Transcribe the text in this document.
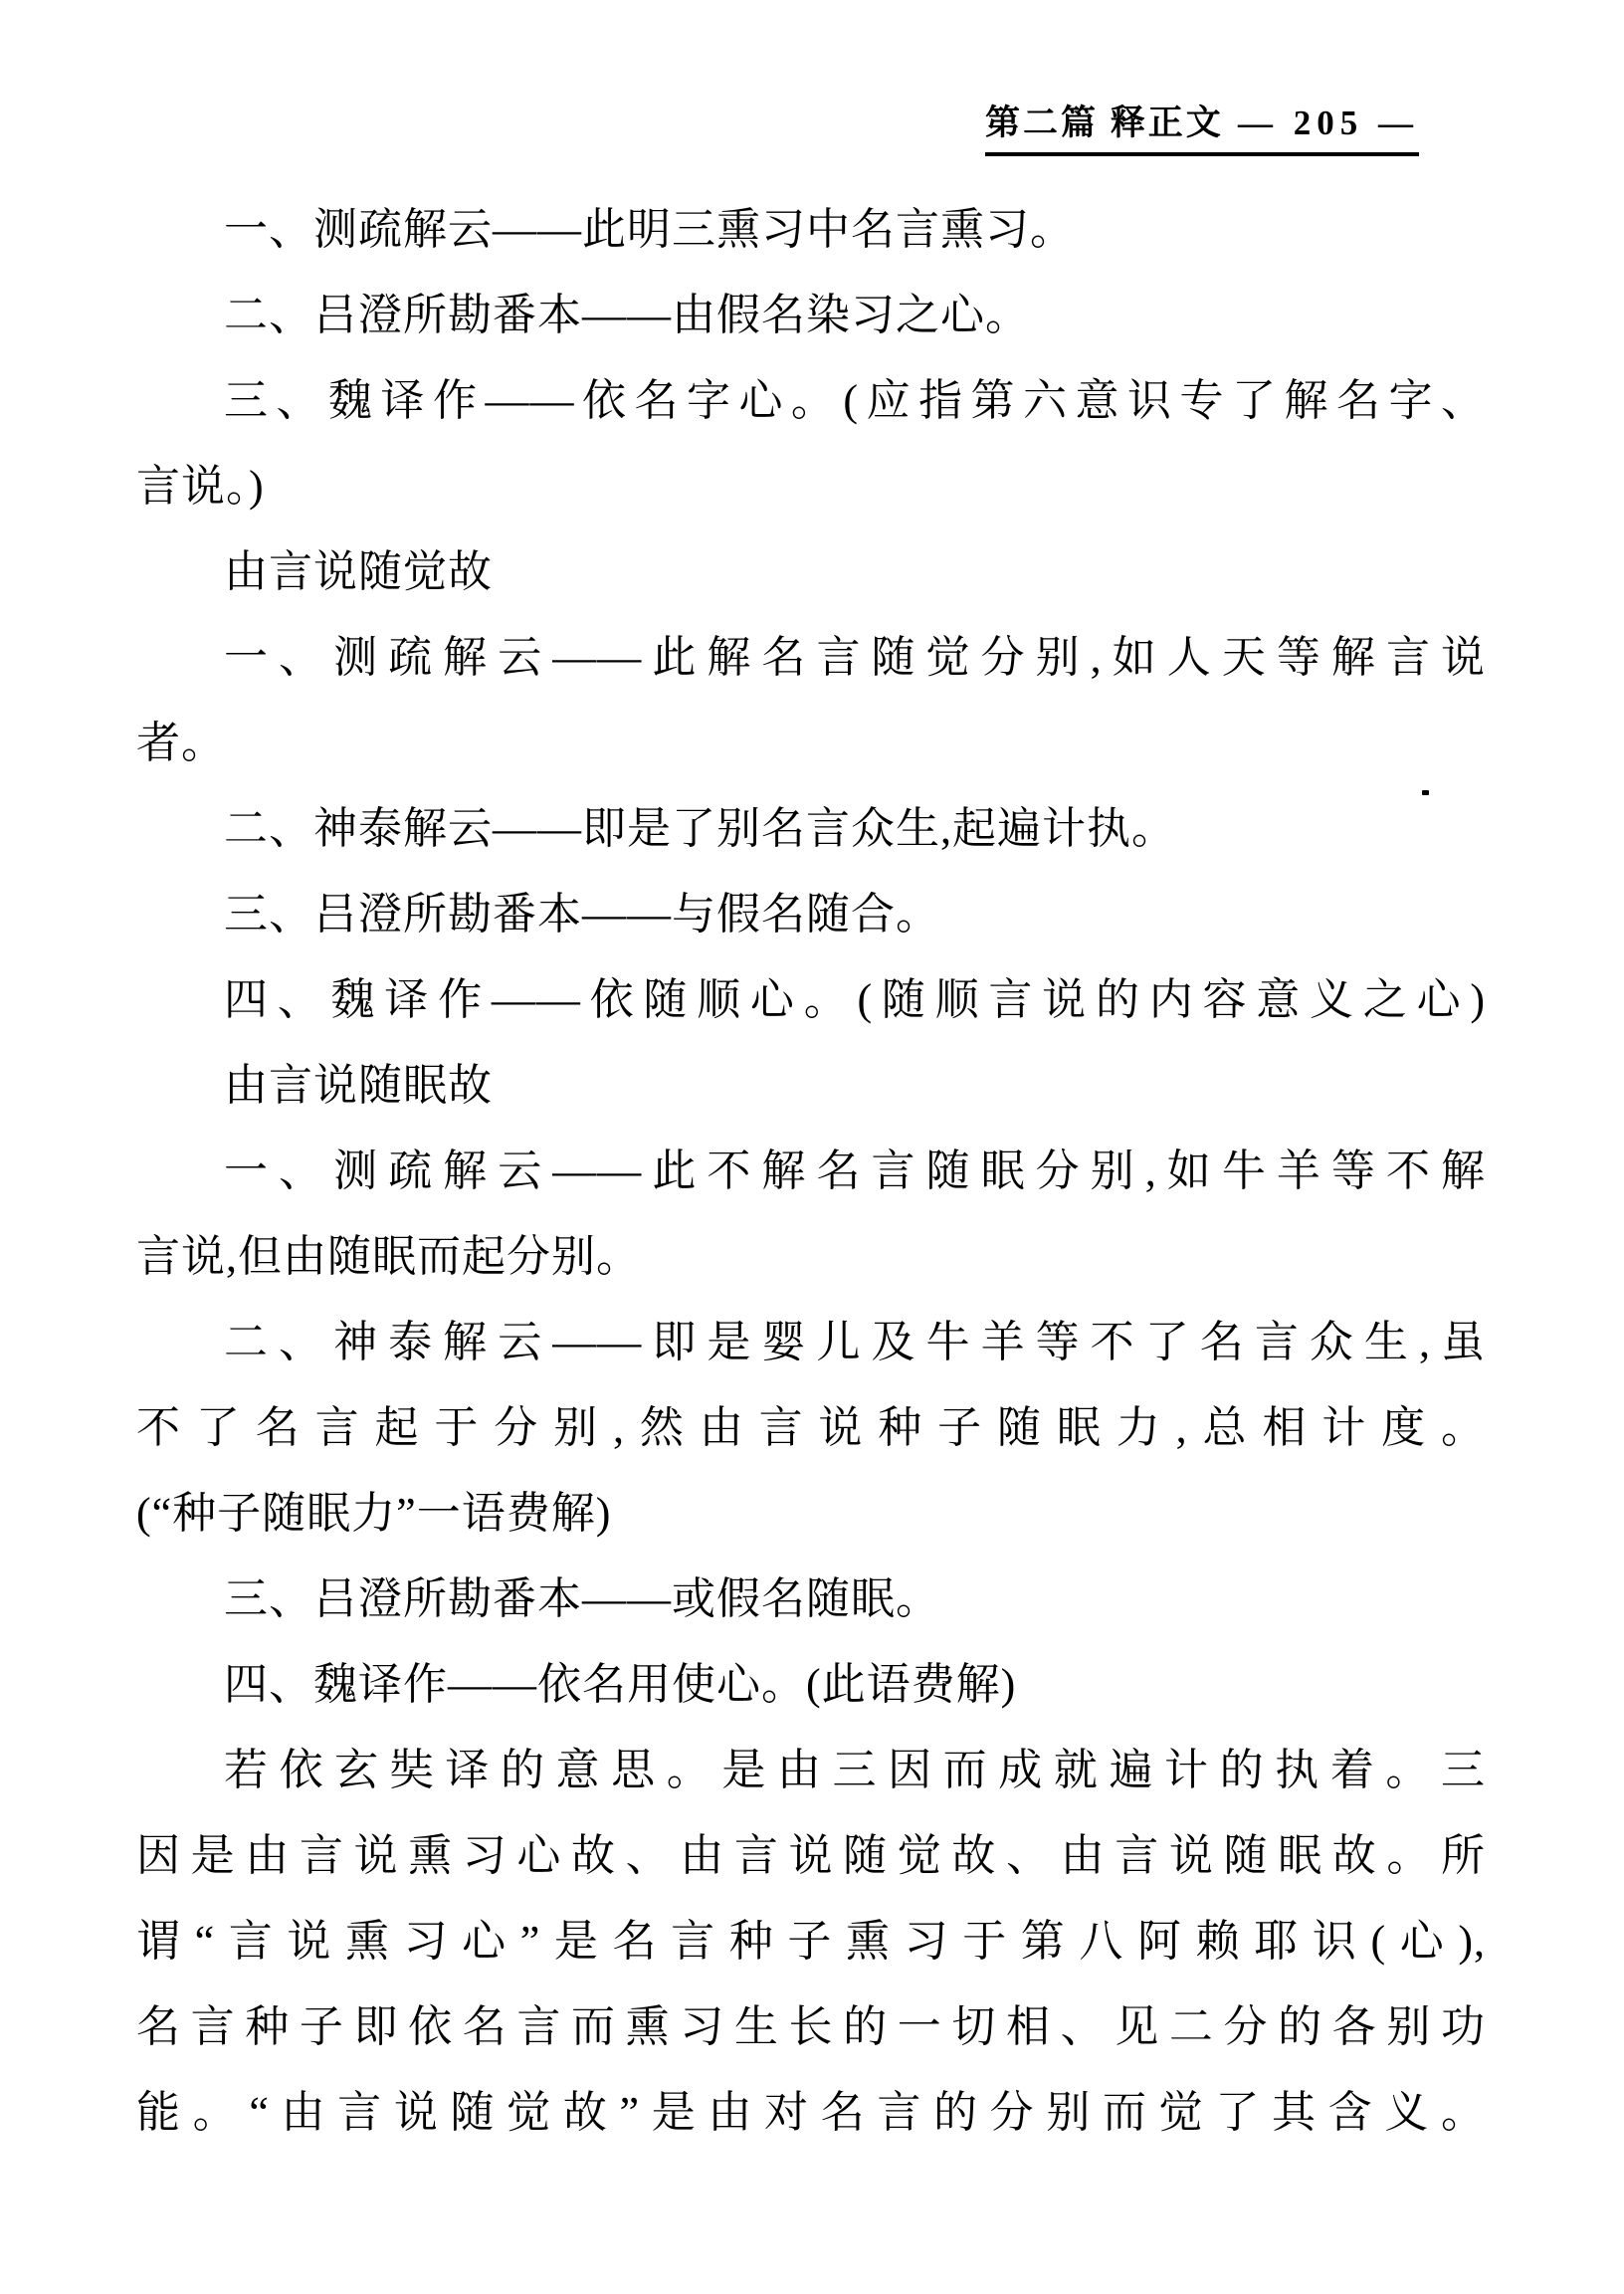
第二篇 释正文 — 205 —
一、测疏解云——此明三熏习中名言熏习。
二、吕澄所勘番本——由假名染习之心。
三、魏译作——依名字心。(应指第六意识专了解名字、
言说。)
由言说随觉故
一、测疏解云——此解名言随觉分别,如人天等解言说
者。
二、神泰解云——即是了别名言众生,起遍计执。
三、吕澄所勘番本——与假名随合。
四、魏译作——依随顺心。(随顺言说的内容意义之心)
由言说随眠故
一、测疏解云——此不解名言随眠分别,如牛羊等不解
言说,但由随眠而起分别。
二、神泰解云——即是婴儿及牛羊等不了名言众生,虽
不了名言起于分别,然由言说种子随眠力,总相计度。
(“种子随眠力”一语费解)
三、吕澄所勘番本——或假名随眠。
四、魏译作——依名用使心。(此语费解)
若依玄奘译的意思。是由三因而成就遍计的执着。三
因是由言说熏习心故、由言说随觉故、由言说随眠故。所
谓“言说熏习心”是名言种子熏习于第八阿赖耶识(心),
名言种子即依名言而熏习生长的一切相、见二分的各别功
能。“由言说随觉故”是由对名言的分别而觉了其含义。
